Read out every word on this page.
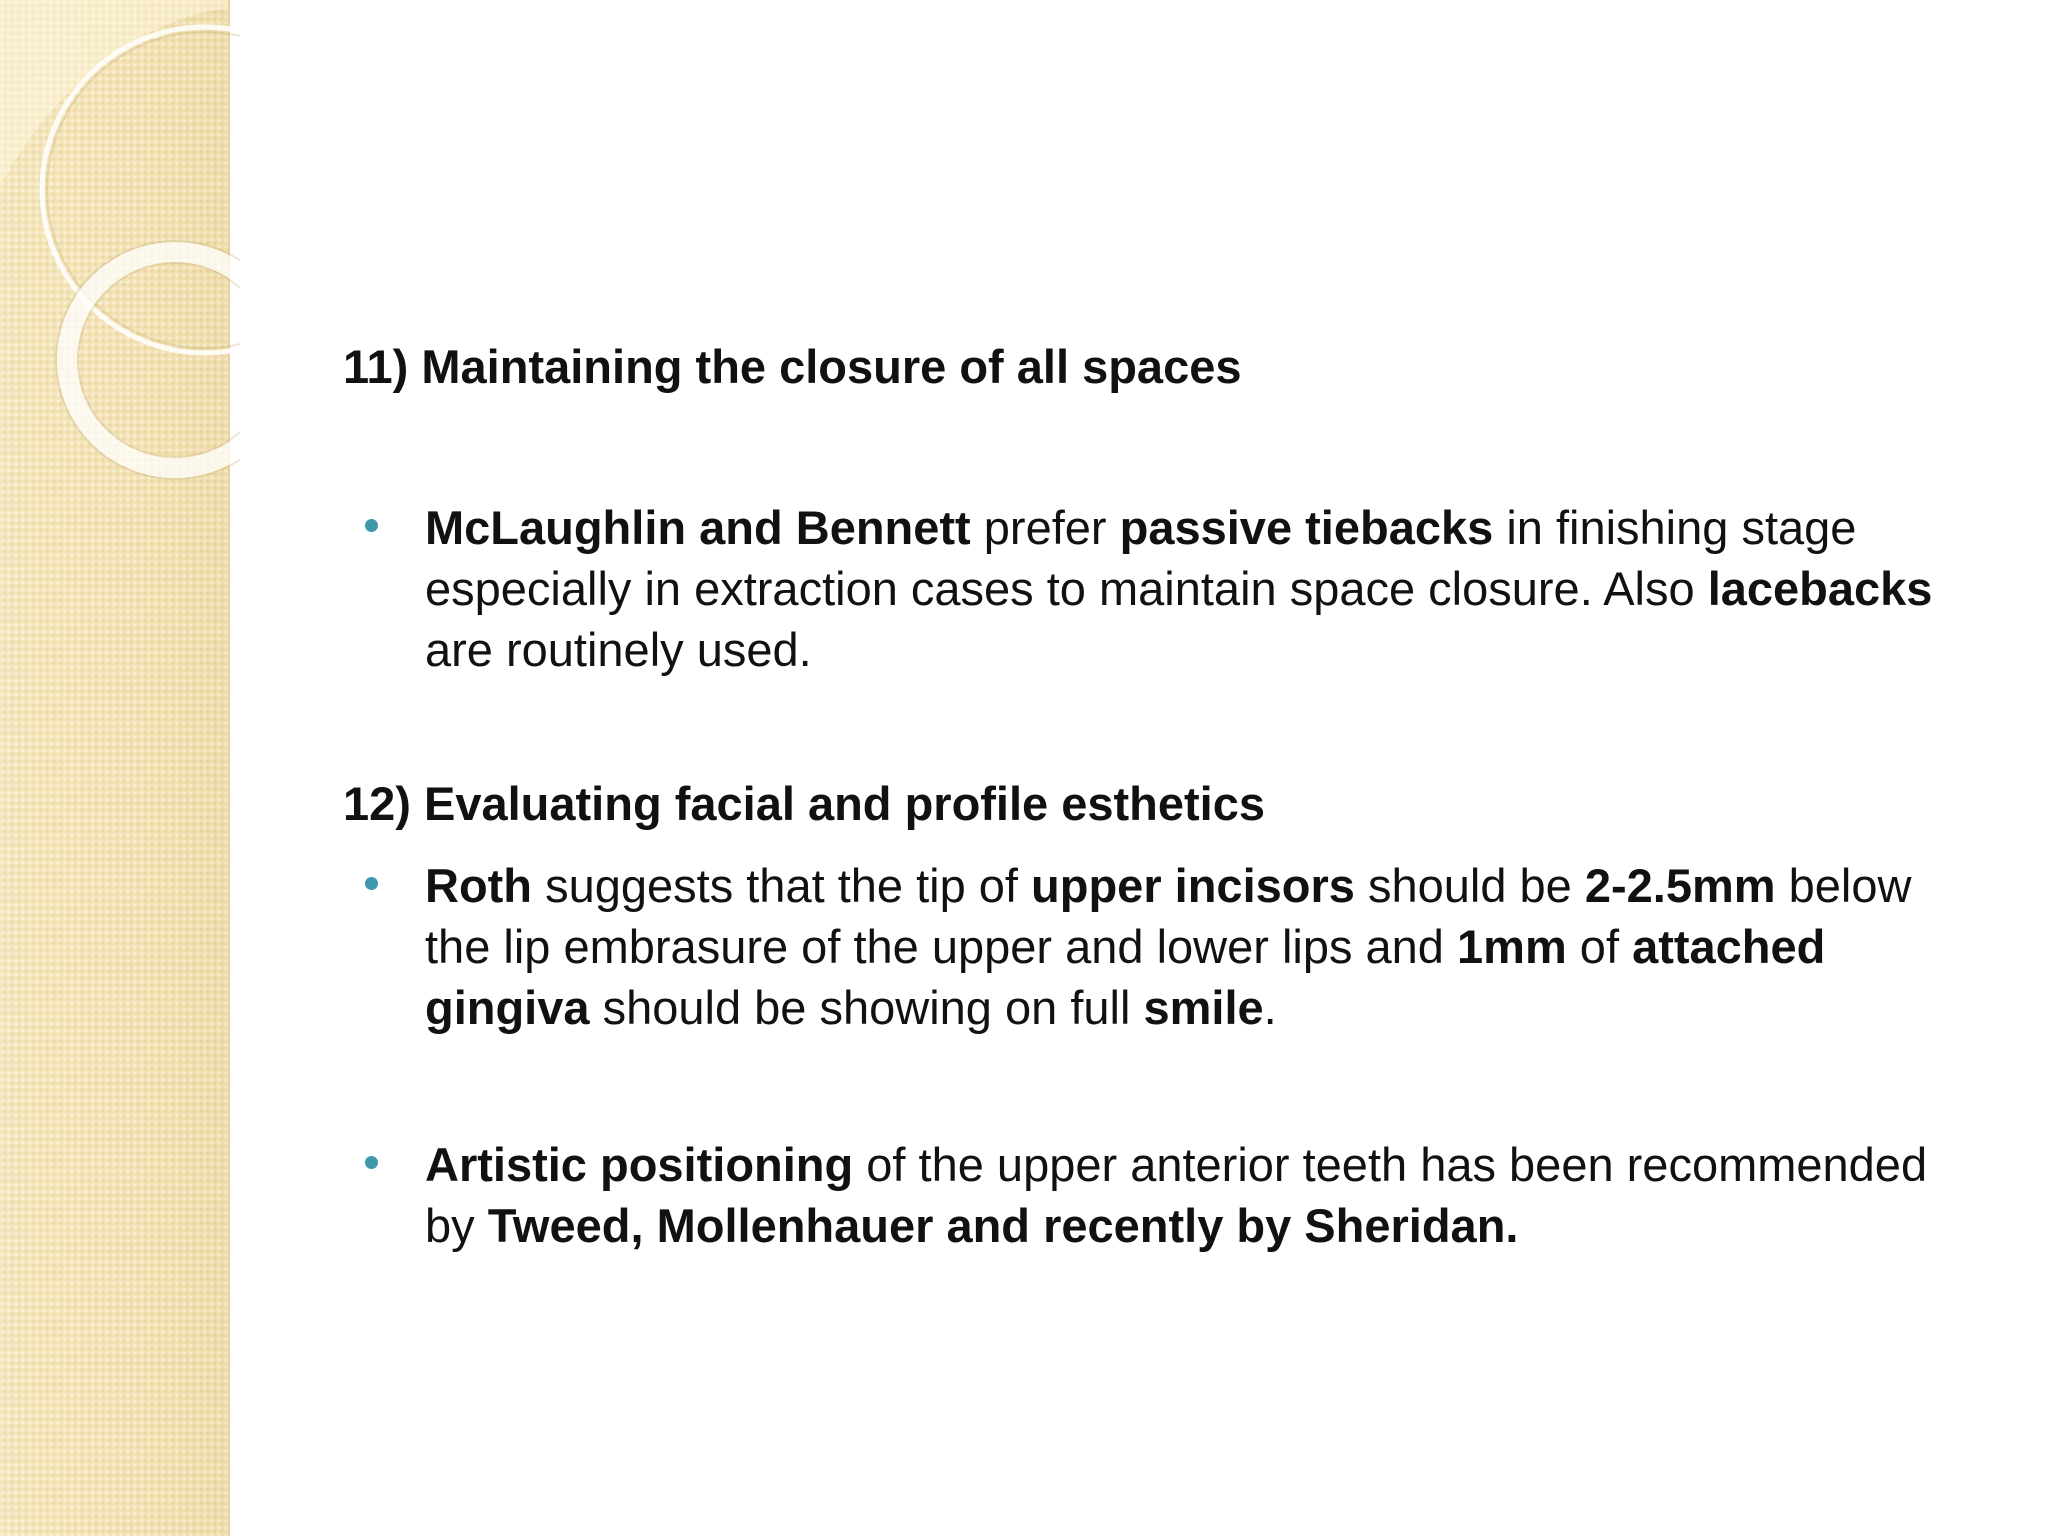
11) Maintaining the closure of all spaces
McLaughlin and Bennett prefer passive tiebacks in finishing stage especially in extraction cases to maintain space closure. Also lacebacks are routinely used.
12) Evaluating facial and profile esthetics
Roth suggests that the tip of upper incisors should be 2-2.5mm below the lip embrasure of the upper and lower lips and 1mm of attached gingiva should be showing on full smile.
Artistic positioning of the upper anterior teeth has been recommended by Tweed, Mollenhauer and recently by Sheridan.
